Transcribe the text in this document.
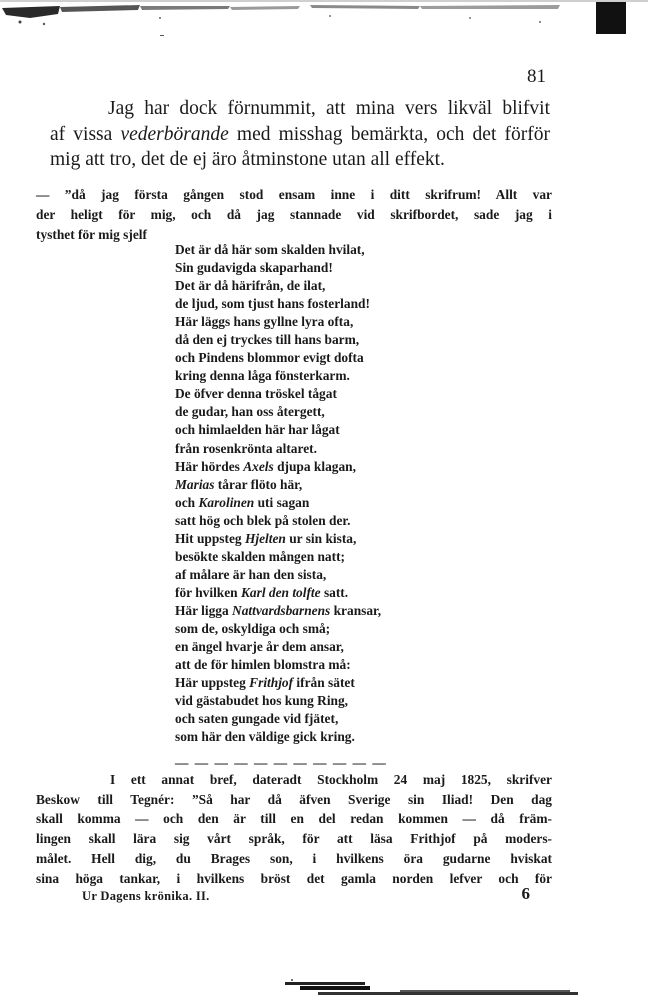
81

Jag har dock förnummit, att mina vers likväl blifvit
af vissa vederbörande med misshag bemärkta, och det förför
mig att tro, det de ej äro åtminstone utan all effekt.

— ”då jag första gången stod ensam inne i ditt skrifrum! Allt var
der heligt för mig, och då jag stannade vid skrifbordet, sade jag i
tysthet för mig sjelf

Det är då här som skalden hvilat,
Sin gudavigda skaparhand!
Det är då härifrån, de ilat,
de ljud, som tjust hans fosterland!
Här läggs hans gyllne lyra ofta,
då den ej tryckes till hans barm,
och Pindens blommor evigt dofta
kring denna låga fönsterkarm.
De öfver denna tröskel tågat
de gudar, han oss återgett,
och himlaelden här har lågat
från rosenkrönta altaret.
Här hördes Axels djupa klagan,
Marias tårar flöto här,
och Karolinen uti sagan
satt hög och blek på stolen der.
Hit uppsteg Hjelten ur sin kista,
besökte skalden mången natt;
af målare är han den sista,
för hvilken Karl den tolfte satt.
Här ligga Nattvardsbarnens kransar,
som de, oskyldiga och små;
en ängel hvarje år dem ansar,
att de för himlen blomstra må:
Här uppsteg Frithjof ifrån sätet
vid gästabudet hos kung Ring,
och saten gungade vid fjätet,
som här den väldige gick kring.
— — — — — — — — — — —

I ett annat bref, dateradt Stockholm 24 maj 1825, skrifver
Beskow till Tegnér: ”Så har då äfven Sverige sin Iliad! Den dag
skall komma — och den är till en del redan kommen — då främ-
lingen skall lära sig vårt språk, för att läsa Frithjof på moders-
målet. Hell dig, du Brages son, i hvilkens öra gudarne hviskat
sina höga tankar, i hvilkens bröst det gamla norden lefver och för

Ur Dagens krönika. II.	6
